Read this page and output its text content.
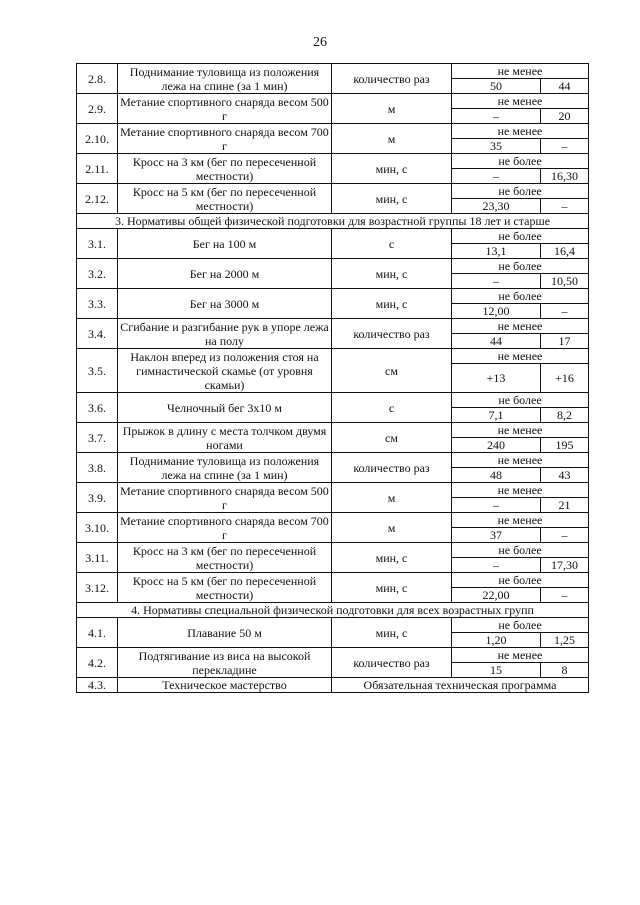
26
2.8.	Поднимание туловища из положения лежа на спине (за 1 мин)	количество раз	не менее	
			50	44
2.9.	Метание спортивного снаряда весом 500 г	м	не менее	
			–	20
2.10.	Метание спортивного снаряда весом 700 г	м	не менее	
			35	–
2.11.	Кросс на 3 км (бег по пересеченной местности)	мин, с	не более	
			–	16,30
2.12.	Кросс на 5 км (бег по пересеченной местности)	мин, с	не более	
			23,30	–
3. Нормативы общей физической подготовки для возрастной группы 18 лет и старше				
3.1.	Бег на 100 м	с	не более	
			13,1	16,4
3.2.	Бег на 2000 м	мин, с	не более	
			–	10,50
3.3.	Бег на 3000 м	мин, с	не более	
			12,00	–
3.4.	Сгибание и разгибание рук в упоре лежа на полу	количество раз	не менее	
			44	17
3.5.	Наклон вперед из положения стоя на гимнастической скамье (от уровня скамьи)	см	не менее	
			+13	+16
3.6.	Челночный бег 3х10 м	с	не более	
			7,1	8,2
3.7.	Прыжок в длину с места толчком двумя ногами	см	не менее	
			240	195
3.8.	Поднимание туловища из положения лежа на спине (за 1 мин)	количество раз	не менее	
			48	43
3.9.	Метание спортивного снаряда весом 500 г	м	не менее	
			–	21
3.10.	Метание спортивного снаряда весом 700 г	м	не менее	
			37	–
3.11.	Кросс на 3 км (бег по пересеченной местности)	мин, с	не более	
			–	17,30
3.12.	Кросс на 5 км (бег по пересеченной местности)	мин, с	не более	
			22,00	–
4. Нормативы специальной физической подготовки для всех возрастных групп				
4.1.	Плавание 50 м	мин, с	не более	
			1,20	1,25
4.2.	Подтягивание из виса на высокой перекладине	количество раз	не менее	
			15	8
4.3.	Техническое мастерство	Обязательная техническая программа		
